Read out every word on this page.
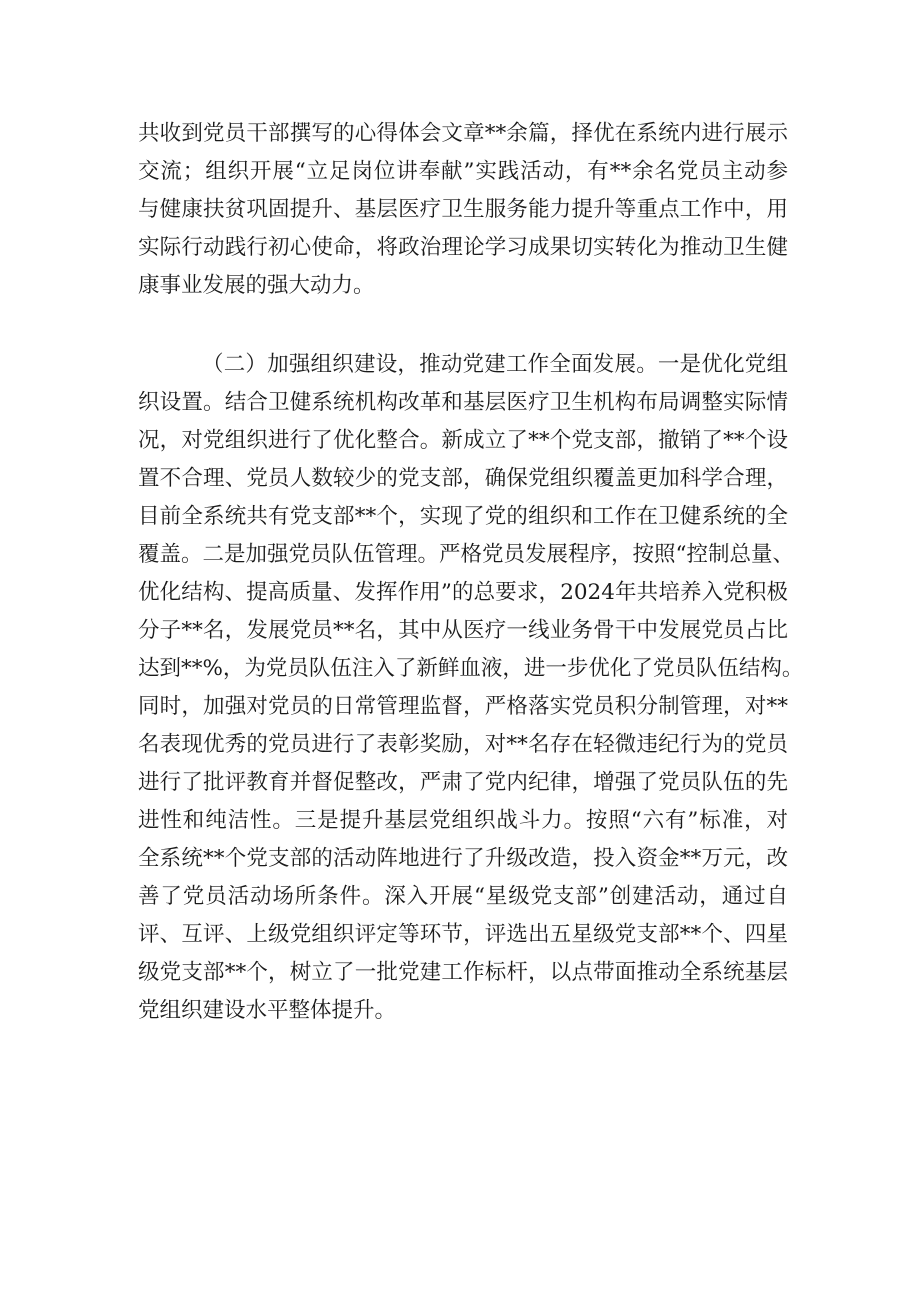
共收到党员干部撰写的心得体会文章**余篇，择优在系统内进行展示
交流；组织开展“立足岗位讲奉献”实践活动，有**余名党员主动参
与健康扶贫巩固提升、基层医疗卫生服务能力提升等重点工作中，用
实际行动践行初心使命，将政治理论学习成果切实转化为推动卫生健
康事业发展的强大动力。
（二）加强组织建设，推动党建工作全面发展。一是优化党组
织设置。结合卫健系统机构改革和基层医疗卫生机构布局调整实际情
况，对党组织进行了优化整合。新成立了**个党支部，撤销了**个设
置不合理、党员人数较少的党支部，确保党组织覆盖更加科学合理，
目前全系统共有党支部**个，实现了党的组织和工作在卫健系统的全
覆盖。二是加强党员队伍管理。严格党员发展程序，按照“控制总量、
优化结构、提高质量、发挥作用”的总要求，2024年共培养入党积极
分子**名，发展党员**名，其中从医疗一线业务骨干中发展党员占比
达到**%，为党员队伍注入了新鲜血液，进一步优化了党员队伍结构。
同时，加强对党员的日常管理监督，严格落实党员积分制管理，对**
名表现优秀的党员进行了表彰奖励，对**名存在轻微违纪行为的党员
进行了批评教育并督促整改，严肃了党内纪律，增强了党员队伍的先
进性和纯洁性。三是提升基层党组织战斗力。按照“六有”标准，对
全系统**个党支部的活动阵地进行了升级改造，投入资金**万元，改
善了党员活动场所条件。深入开展“星级党支部”创建活动，通过自
评、互评、上级党组织评定等环节，评选出五星级党支部**个、四星
级党支部**个，树立了一批党建工作标杆，以点带面推动全系统基层
党组织建设水平整体提升。
